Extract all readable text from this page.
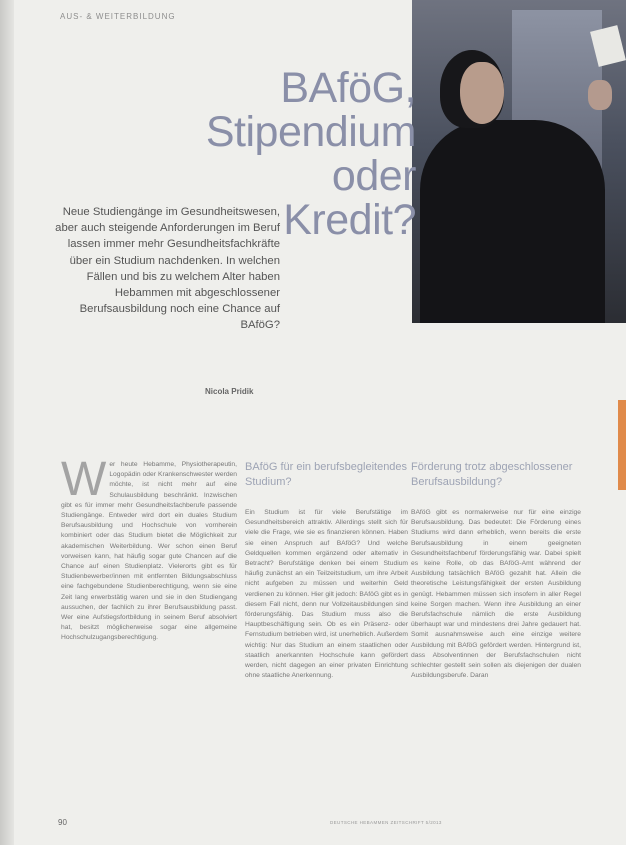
AUS- & WEITERBILDUNG
BAföG,
Stipendium
oder
Kredit?
Neue Studiengänge im Gesundheitswesen, aber auch steigende Anforderungen im Beruf lassen immer mehr Gesundheitsfachkräfte über ein Studium nachdenken. In welchen Fällen und bis zu welchem Alter haben Hebammen mit abgeschlossener Berufsausbildung noch eine Chance auf BAföG?
Nicola Pridik
W er heute Hebamme, Physiotherapeutin, Logopädin oder Krankenschwester werden möchte, ist nicht mehr auf eine Schulausbildung beschränkt. Inzwischen gibt es für immer mehr Gesundheitsfachberufe passende Studiengänge. Entweder wird dort ein duales Studium Berufsausbildung und Hochschule von vornherein kombiniert oder das Studium bietet die Möglichkeit zur akademischen Weiterbildung. Wer schon einen Beruf vorweisen kann, hat häufig sogar gute Chancen auf die Chance auf einen Studienplatz. Vielerorts gibt es für Studienbewerber/innen mit entfernten Bildungsabschluss eine fachgebundene Studienberechtigung, wenn sie eine Zeit lang erwerbstätig waren und sie in den Studiengang aussuchen, der fachlich zu ihrer Berufsausbildung passt. Wer eine Aufstiegsfortbildung in seinem Beruf absolviert hat, besitzt möglicherweise sogar eine allgemeine Hochschulzugangsberechtigung.

BAföG für ein berufsbegleitendes Studium?

Ein Studium ist für viele Berufstätige im Gesundheitsbereich attraktiv. Allerdings stellt sich für viele die Frage, wie sie es finanzieren können. Haben sie einen Anspruch auf BAföG? Und welche Geldquellen kommen ergänzend oder alternativ in Betracht? Berufstätige denken bei einem Studium häufig zunächst an ein Teilzeitstudium, um ihre Arbeit nicht aufgeben zu müssen und weiterhin Geld verdienen zu können. Hier gilt jedoch: BAföG gibt es in diesem Fall nicht, denn nur Vollzeitausbildungen sind förderungsfähig. Das Studium muss also die Hauptbeschäftigung sein. Ob es ein Präsenz- oder Fernstudium betrieben wird, ist unerheblich. Außerdem wichtig: Nur das Studium an einem staatlichen oder staatlich anerkannten Hochschule kann gefördert werden, nicht dagegen an einer privaten Einrichtung ohne staatliche Anerkennung.

Förderung trotz abgeschlossener Berufsausbildung?

BAföG gibt es normalerweise nur für eine einzige Berufsausbildung. Das bedeutet: Die Förderung eines Studiums wird dann erheblich, wenn bereits die erste Berufsausbildung in einem geeigneten Gesundheitsfachberuf förderungsfähig war. Dabei spielt es keine Rolle, ob das BAföG-Amt während der Ausbildung tatsächlich BAföG gezahlt hat. Allein die theoretische Leistungsfähigkeit der ersten Ausbildung genügt. Hebammen müssen sich insofern in aller Regel keine Sorgen machen. Wenn ihre Ausbildung an einer Berufsfachschule nämlich die erste Ausbildung überhaupt war und mindestens drei Jahre gedauert hat. Somit ausnahmsweise auch eine einzige weitere Ausbildung mit BAföG gefördert werden. Hintergrund ist, dass Absolventinnen der Berufsfachschulen nicht schlechter gestellt sein sollen als diejenigen der dualen Ausbildungsberufe. Daran

90	DEUTSCHE HEBAMMEN ZEITSCHRIFT 5/2013
